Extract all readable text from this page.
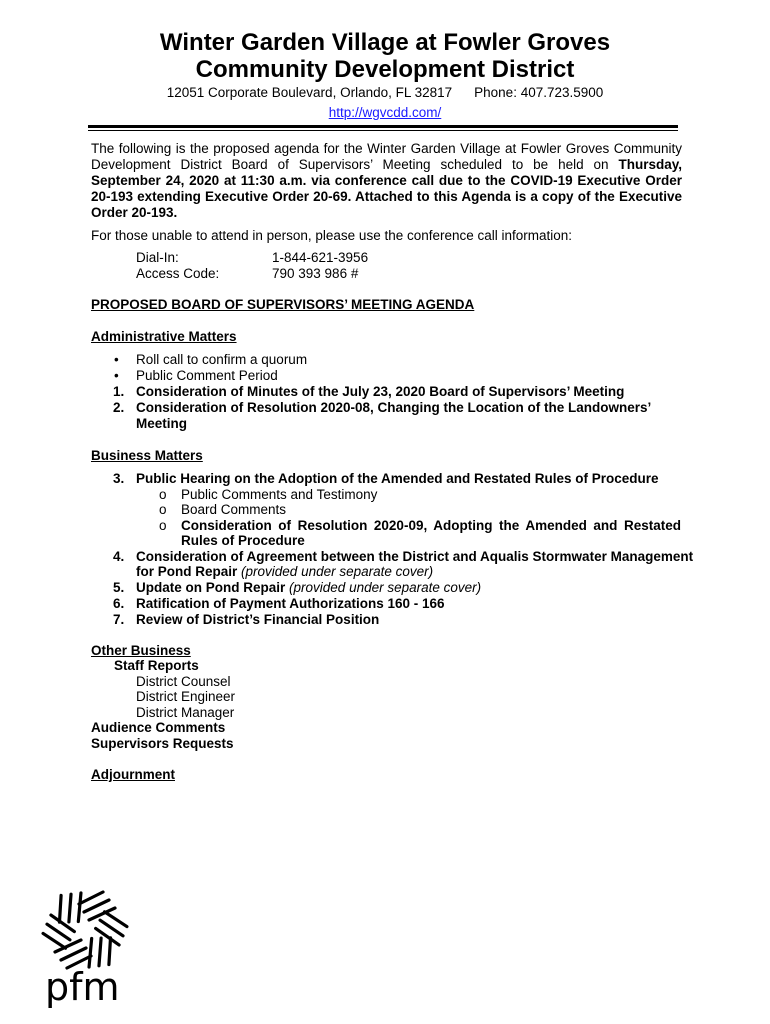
Winter Garden Village at Fowler Groves
Community Development District
12051 Corporate Boulevard, Orlando, FL 32817 Phone: 407.723.5900
http://wgvcdd.com/
The following is the proposed agenda for the Winter Garden Village at Fowler Groves Community Development District Board of Supervisors’ Meeting scheduled to be held on Thursday, September 24, 2020 at 11:30 a.m. via conference call due to the COVID-19 Executive Order 20-193 extending Executive Order 20-69. Attached to this Agenda is a copy of the Executive Order 20-193.
For those unable to attend in person, please use the conference call information:
Dial-In:	1-844-621-3956
Access Code:	790 393 986 #
PROPOSED BOARD OF SUPERVISORS’ MEETING AGENDA
Administrative Matters
• Roll call to confirm a quorum
• Public Comment Period
1. Consideration of Minutes of the July 23, 2020 Board of Supervisors’ Meeting
2. Consideration of Resolution 2020-08, Changing the Location of the Landowners’
Meeting
Business Matters
3. Public Hearing on the Adoption of the Amended and Restated Rules of Procedure
o Public Comments and Testimony
o Board Comments
o Consideration of Resolution 2020-09, Adopting the Amended and Restated
Rules of Procedure
4. Consideration of Agreement between the District and Aqualis Stormwater Management
for Pond Repair (provided under separate cover)
5. Update on Pond Repair (provided under separate cover)
6. Ratification of Payment Authorizations 160 - 166
7. Review of District’s Financial Position
Other Business
Staff Reports
District Counsel
District Engineer
District Manager
Audience Comments
Supervisors Requests
Adjournment
pfm
